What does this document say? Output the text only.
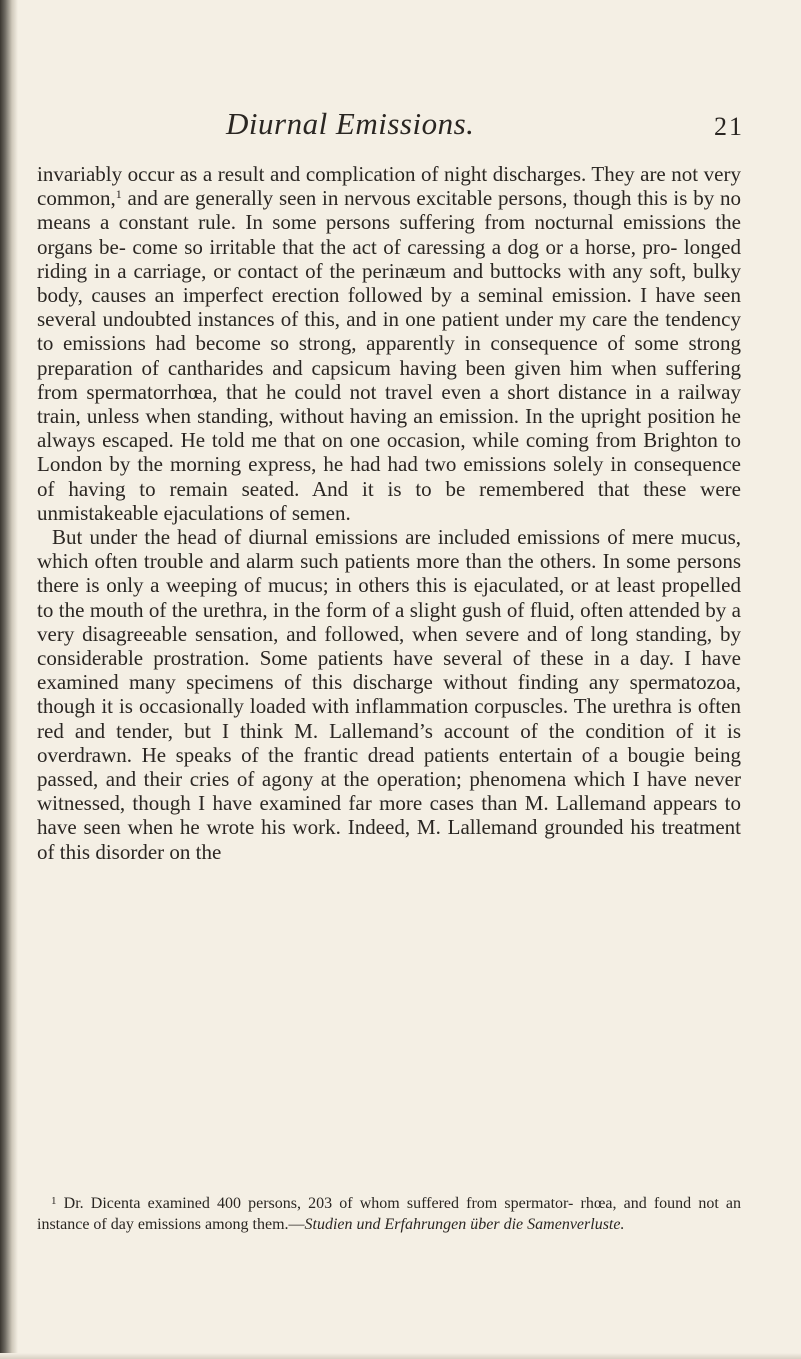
Diurnal Emissions.	21

invariably occur as a result and complication of night discharges. They are not very common,$^1$ and are generally seen in nervous excitable persons, though this is by no means a constant rule. In some persons suffering from nocturnal emissions the organs be- come so irritable that the act of caressing a dog or a horse, pro- longed riding in a carriage, or contact of the perinæum and buttocks with any soft, bulky body, causes an imperfect erection followed by a seminal emission. I have seen several undoubted instances of this, and in one patient under my care the tendency to emissions had become so strong, apparently in consequence of some strong preparation of cantharides and capsicum having been given him when suffering from spermatorrhœa, that he could not travel even a short distance in a railway train, unless when standing, without having an emission. In the upright position he always escaped. He told me that on one occasion, while coming from Brighton to London by the morning express, he had had two emissions solely in consequence of having to remain seated. And it is to be remembered that these were unmistakeable ejaculations of semen.

But under the head of diurnal emissions are included emissions of mere mucus, which often trouble and alarm such patients more than the others. In some persons there is only a weeping of mucus; in others this is ejaculated, or at least propelled to the mouth of the urethra, in the form of a slight gush of fluid, often attended by a very disagreeable sensation, and followed, when severe and of long standing, by considerable prostration. Some patients have several of these in a day. I have examined many specimens of this discharge without finding any spermatozoa, though it is occasionally loaded with inflammation corpuscles. The urethra is often red and tender, but I think M. Lallemand’s account of the condition of it is overdrawn. He speaks of the frantic dread patients entertain of a bougie being passed, and their cries of agony at the operation; phenomena which I have never witnessed, though I have examined far more cases than M. Lallemand appears to have seen when he wrote his work. Indeed, M. Lallemand grounded his treatment of this disorder on the

$^1$ Dr. Dicenta examined 400 persons, 203 of whom suffered from spermator- rhœa, and found not an instance of day emissions among them.—Studien und Erfahrungen über die Samenverluste.
